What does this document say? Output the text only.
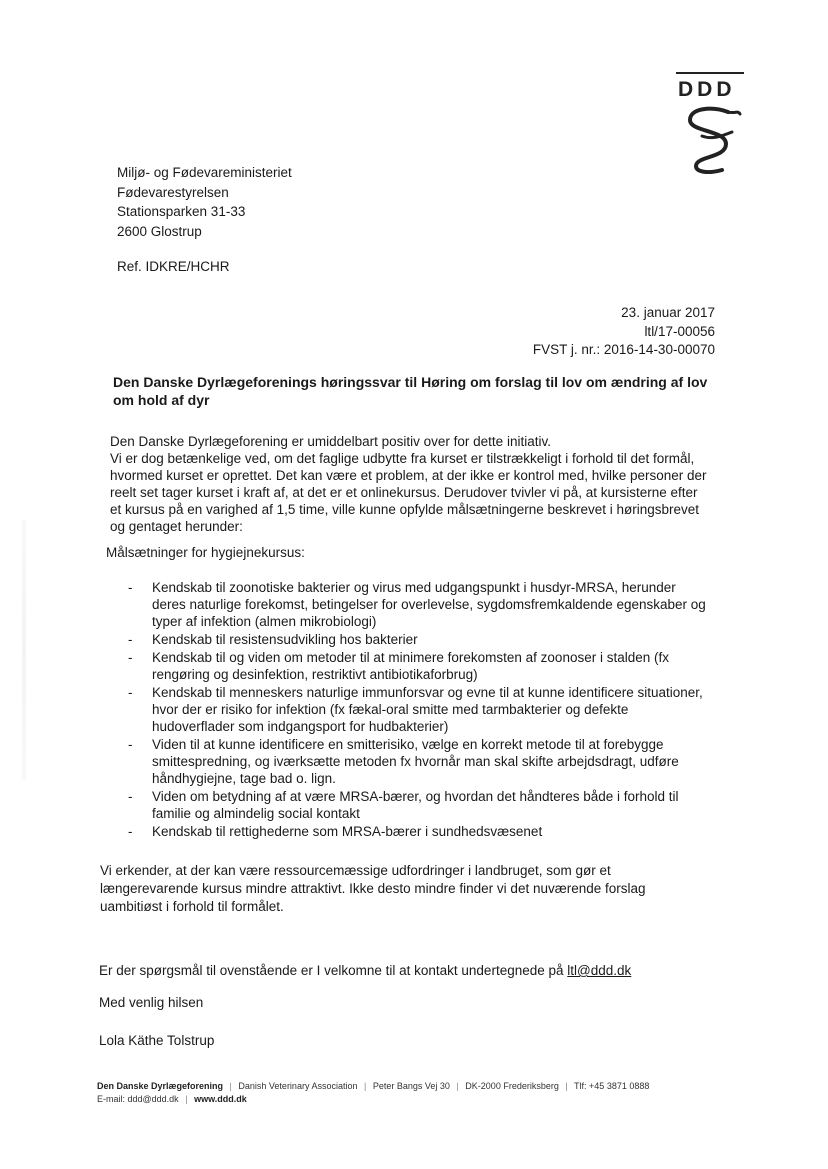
DDD
Miljø- og Fødevareministeriet
Fødevarestyrelsen
Stationsparken 31-33
2600 Glostrup
Ref. IDKRE/HCHR
23. januar 2017
ltl/17-00056
FVST j. nr.: 2016-14-30-00070
Den Danske Dyrlægeforenings høringssvar til Høring om forslag til lov om ændring af lov om hold af dyr

Den Danske Dyrlægeforening er umiddelbart positiv over for dette initiativ.

Vi er dog betænkelige ved, om det faglige udbytte fra kurset er tilstrækkeligt i forhold til det formål, hvormed kurset er oprettet. Det kan være et problem, at der ikke er kontrol med, hvilke personer der reelt set tager kurset i kraft af, at det er et onlinekursus. Derudover tvivler vi på, at kursisterne efter et kursus på en varighed af 1,5 time, ville kunne opfylde målsætningerne beskrevet i høringsbrevet og gentaget herunder:

Målsætninger for hygiejnekursus:
- Kendskab til zoonotiske bakterier og virus med udgangspunkt i husdyr-MRSA, herunder deres naturlige forekomst, betingelser for overlevelse, sygdomsfremkaldende egenskaber og typer af infektion (almen mikrobiologi)
- Kendskab til resistensudvikling hos bakterier
- Kendskab til og viden om metoder til at minimere forekomsten af zoonoser i stalden (fx rengøring og desinfektion, restriktivt antibiotikaforbrug)
- Kendskab til menneskers naturlige immunforsvar og evne til at kunne identificere situationer, hvor der er risiko for infektion (fx fækal-oral smitte med tarmbakterier og defekte hudoverflader som indgangsport for hudbakterier)
- Viden til at kunne identificere en smitterisiko, vælge en korrekt metode til at forebygge smittespredning, og iværksætte metoden fx hvornår man skal skifte arbejdsdragt, udføre håndhygiejne, tage bad o. lign.
- Viden om betydning af at være MRSA-bærer, og hvordan det håndteres både i forhold til familie og almindelig social kontakt
- Kendskab til rettighederne som MRSA-bærer i sundhedsvæsenet
Vi erkender, at der kan være ressourcemæssige udfordringer i landbruget, som gør et længerevarende kursus mindre attraktivt. Ikke desto mindre finder vi det nuværende forslag uambitiøst i forhold til formålet.
Er der spørgsmål til ovenstående er I velkomne til at kontakt undertegnede på ltl@ddd.dk
Med venlig hilsen
Lola Käthe Tolstrup
Den Danske Dyrlægeforening | Danish Veterinary Association | Peter Bangs Vej 30 | DK-2000 Frederiksberg | Tlf: +45 3871 0888
E-mail: ddd@ddd.dk | www.ddd.dk
